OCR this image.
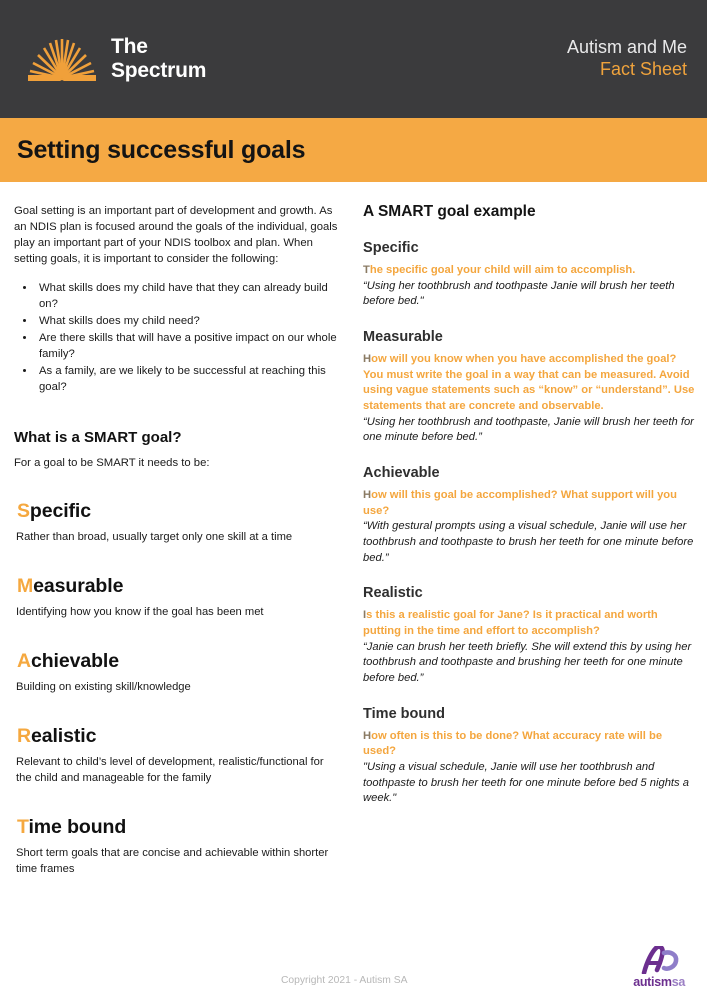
The
Spectrum
Autism and Me
Fact Sheet
Setting successful goals

Goal setting is an important part of development and growth. As an NDIS plan is focused around the goals of the individual, goals play an important part of your NDIS toolbox and plan. When setting goals, it is important to consider the following:

• What skills does my child have that they can already build on?
• What skills does my child need?
• Are there skills that will have a positive impact on our whole family?
• As a family, are we likely to be successful at reaching this goal?
What is a SMART goal?

For a goal to be SMART it needs to be:

Specific
Rather than broad, usually target only one skill at a time
Measurable
Identifying how you know if the goal has been met
Achievable
Building on existing skill/knowledge
Realistic
Relevant to child’s level of development, realistic/functional for the child and manageable for the family
Time bound
Short term goals that are concise and achievable within shorter time frames
A SMART goal example
Specific
The specific goal your child will aim to accomplish.
“Using her toothbrush and toothpaste Janie will brush her teeth before bed."
Measurable
How will you know when you have accomplished the goal? You must write the goal in a way that can be measured. Avoid using vague statements such as “know” or “understand”. Use statements that are concrete and observable.
“Using her toothbrush and toothpaste, Janie will brush her teeth for one minute before bed.”
Achievable
How will this goal be accomplished? What support will you use?
“With gestural prompts using a visual schedule, Janie will use her toothbrush and toothpaste to brush her teeth for one minute before bed.”
Realistic
Is this a realistic goal for Jane? Is it practical and worth putting in the time and effort to accomplish?
“Janie can brush her teeth briefly. She will extend this by using her toothbrush and toothpaste and brushing her teeth for one minute before bed.”
Time bound
How often is this to be done? What accuracy rate will be used?
"Using a visual schedule, Janie will use her toothbrush and toothpaste to brush her teeth for one minute before bed 5 nights a week."
Copyright 2021 - Autism SA	autismsa
